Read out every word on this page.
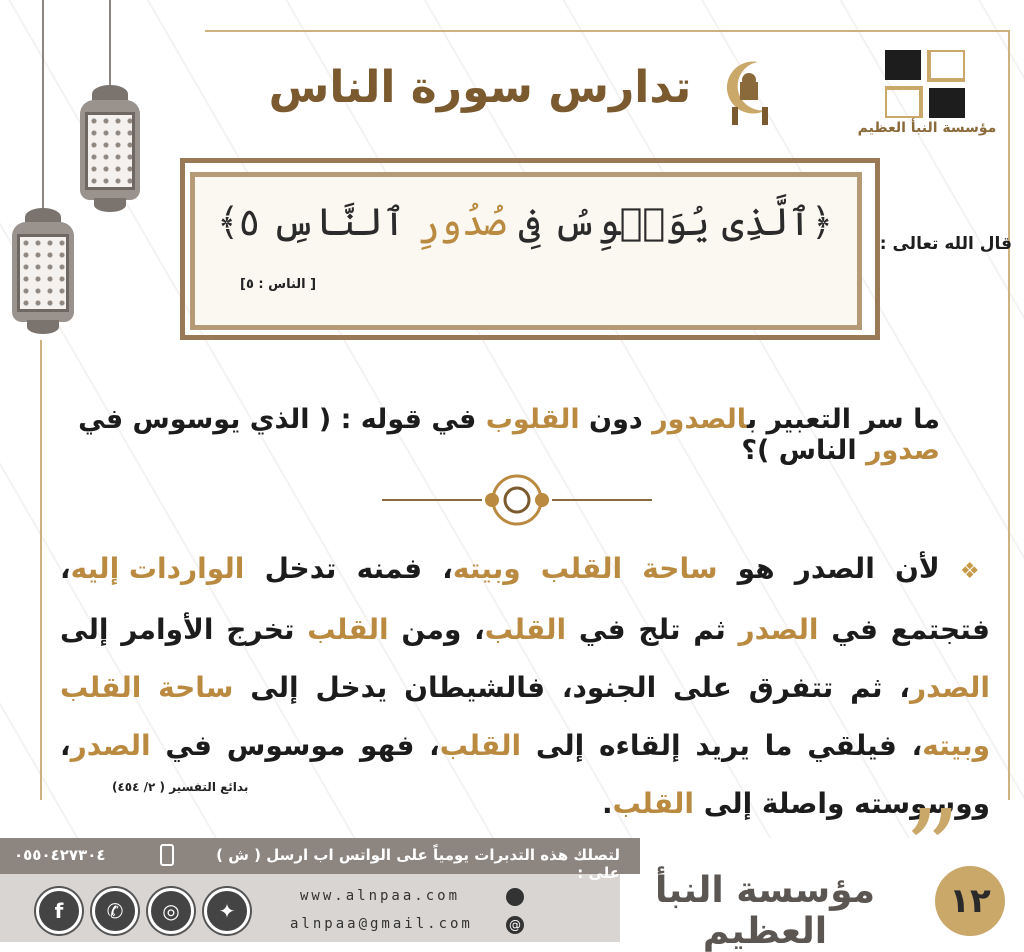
تدارس سورة الناس
مؤسسة النبأ العظيم
﴿ٱلَّذِى يُوَسۡوِسُ فِى صُدُورِ ٱلنَّاسِ ٥﴾
[ الناس : ٥]
قال الله تعالى :
ما سر التعبير بالصدور دون القلوب في قوله : ( الذي يوسوس في صدور الناس )؟
❖ لأن الصدر هو ساحة القلب وبيته، فمنه تدخل الواردات إليه، فتجتمع في الصدر ثم تلج في القلب، ومن القلب تخرج الأوامر إلى الصدر، ثم تتفرق على الجنود، فالشيطان يدخل إلى ساحة القلب وبيته، فيلقي ما يريد إلقاءه إلى القلب، فهو موسوس في الصدر، ووسوسته واصلة إلى القلب.
بدائع التفسير ( ٢/ ٤٥٤)
لتصلك هذه التدبرات يومياً على الواتس اب ارسل ( ش ) على :
٠٥٥٠٤٢٧٣٠٤
www.alnpaa.com
@
alnpaa@gmail.com
f	✆	◎	✦	مؤسسة النبأ العظيم
١٢
